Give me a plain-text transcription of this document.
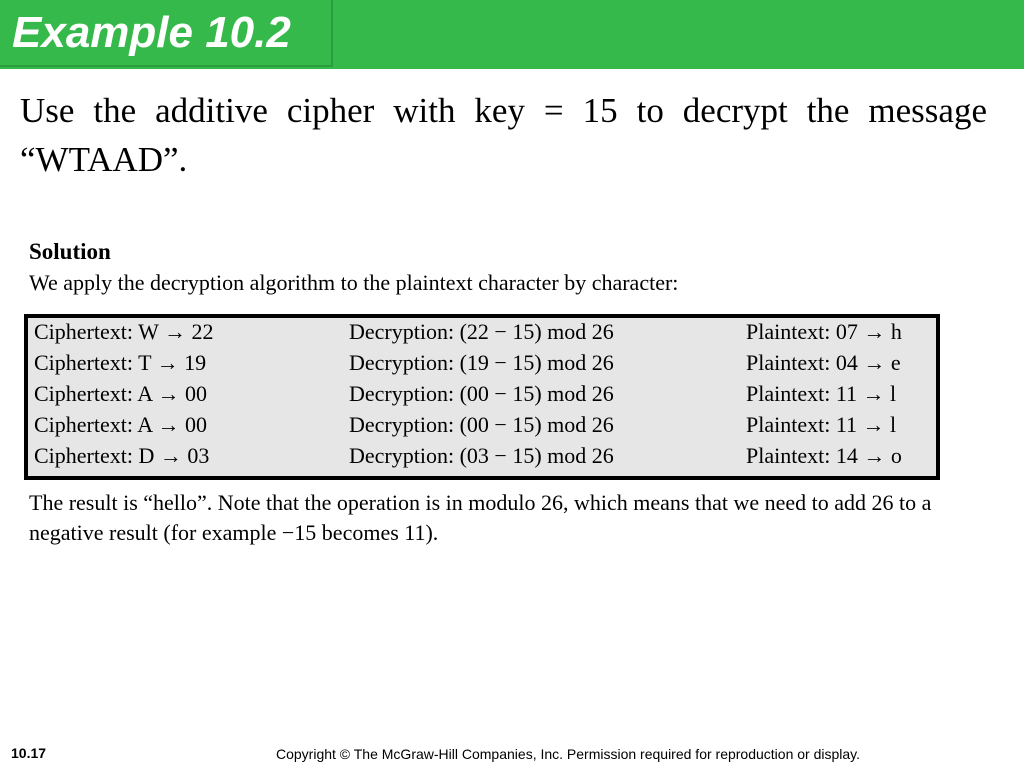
Example 10.2
Use the additive cipher with key = 15 to decrypt the message “WTAAD”.
Solution
We apply the decryption algorithm to the plaintext character by character:
Ciphertext: W → 22	Decryption: (22 − 15) mod 26	Plaintext: 07 → h
Ciphertext: T → 19	Decryption: (19 − 15) mod 26	Plaintext: 04 → e
Ciphertext: A → 00	Decryption: (00 − 15) mod 26	Plaintext: 11 → l
Ciphertext: A → 00	Decryption: (00 − 15) mod 26	Plaintext: 11 → l
Ciphertext: D → 03	Decryption: (03 − 15) mod 26	Plaintext: 14 → o
The result is “hello”. Note that the operation is in modulo 26, which means that we need to add 26 to a negative result (for example −15 becomes 11).
10.17	Copyright © The McGraw-Hill Companies, Inc. Permission required for reproduction or display.
